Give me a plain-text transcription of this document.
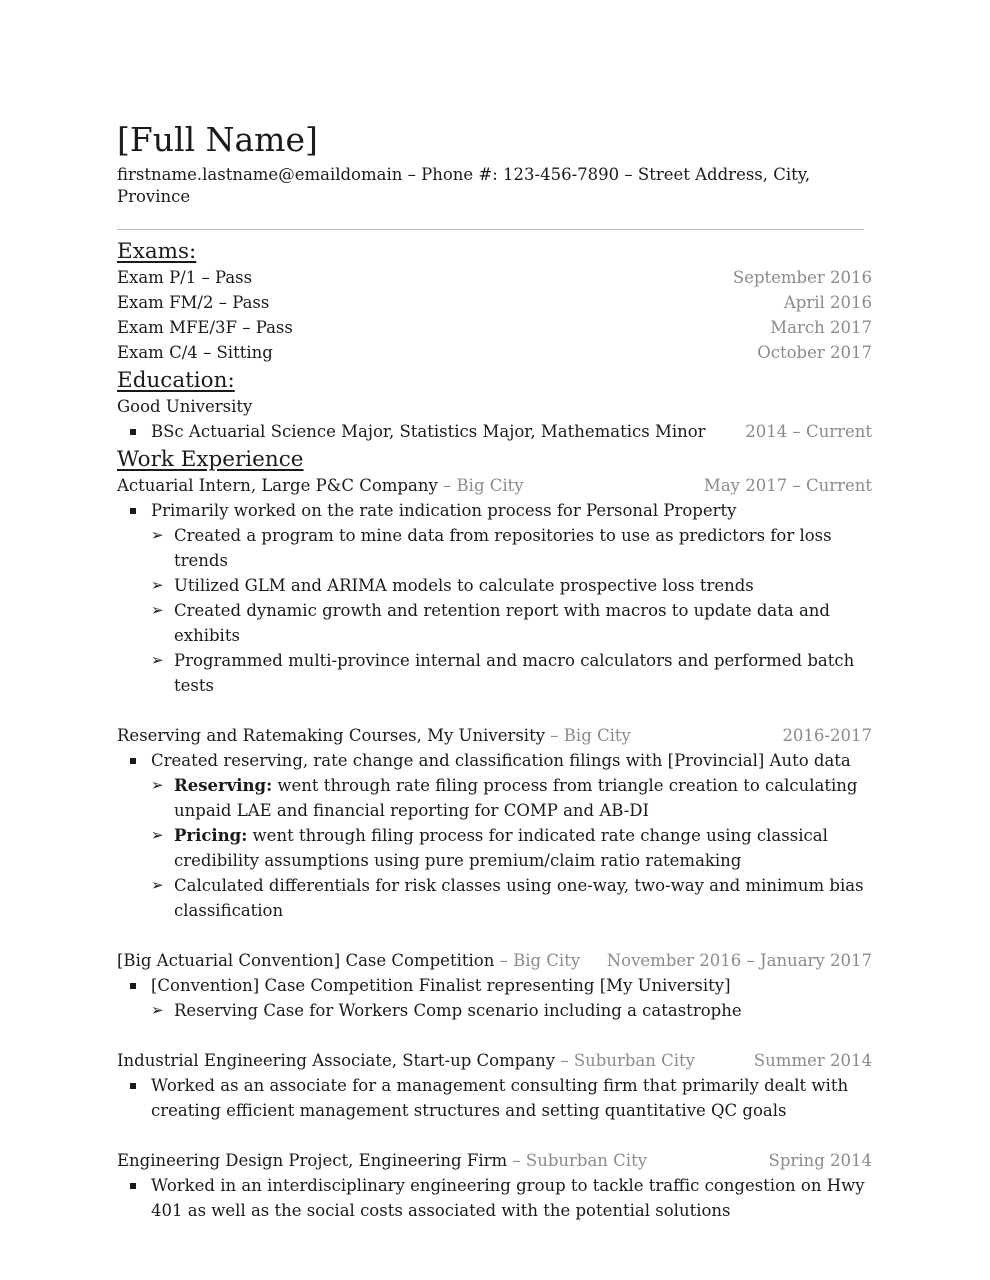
[Full Name]
firstname.lastname@emaildomain – Phone #: 123-456-7890 – Street Address, City, Province
Exams:
Exam P/1 – Pass	September 2016
Exam FM/2 – Pass	April 2016
Exam MFE/3F – Pass	March 2017
Exam C/4 – Sitting	October 2017
Education:
Good University
BSc Actuarial Science Major, Statistics Major, Mathematics Minor 2014 – Current
Work Experience
Actuarial Intern, Large P&C Company – Big City	May 2017 – Current
Primarily worked on the rate indication process for Personal Property
➢ Created a program to mine data from repositories to use as predictors for loss trends
➢ Utilized GLM and ARIMA models to calculate prospective loss trends
➢ Created dynamic growth and retention report with macros to update data and exhibits
➢ Programmed multi-province internal and macro calculators and performed batch tests
Reserving and Ratemaking Courses, My University – Big City	2016-2017
Created reserving, rate change and classification filings with [Provincial] Auto data
➢ Reserving: went through rate filing process from triangle creation to calculating unpaid LAE and financial reporting for COMP and AB-DI
➢ Pricing: went through filing process for indicated rate change using classical credibility assumptions using pure premium/claim ratio ratemaking
➢ Calculated differentials for risk classes using one-way, two-way and minimum bias classification
[Big Actuarial Convention] Case Competition – Big City November 2016 – January 2017
[Convention] Case Competition Finalist representing [My University]
➢ Reserving Case for Workers Comp scenario including a catastrophe
Industrial Engineering Associate, Start-up Company – Suburban City	Summer 2014
Worked as an associate for a management consulting firm that primarily dealt with creating efficient management structures and setting quantitative QC goals
Engineering Design Project, Engineering Firm – Suburban City	Spring 2014
Worked in an interdisciplinary engineering group to tackle traffic congestion on Hwy 401 as well as the social costs associated with the potential solutions
